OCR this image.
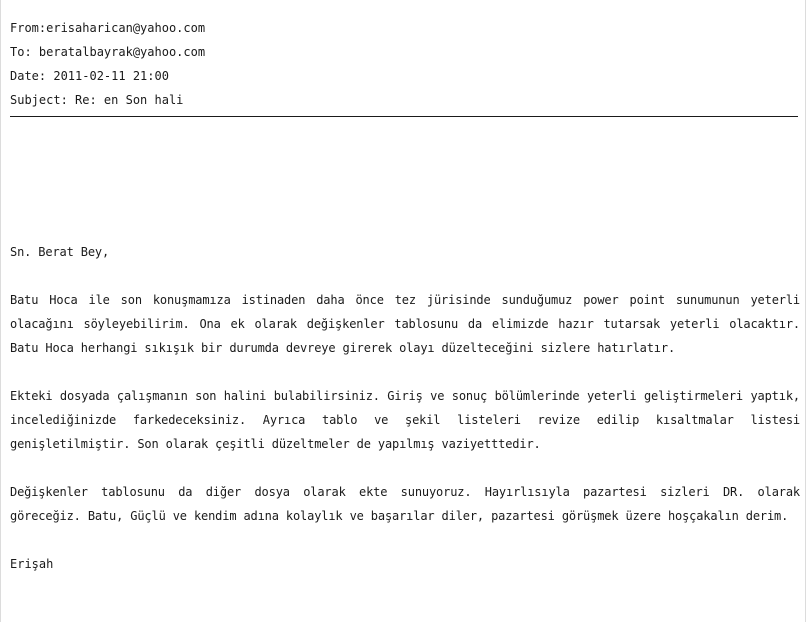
From:erisaharican@yahoo.com
To: beratalbayrak@yahoo.com
Date: 2011-02-11 21:00
Subject: Re: en Son hali

Sn. Berat Bey,

Batu Hoca ile son konuşmamıza istinaden daha önce tez jürisinde sunduğumuz power point sunumunun yeterli olacağını söyleyebilirim. Ona ek olarak değişkenler tablosunu da elimizde hazır tutarsak yeterli olacaktır. Batu Hoca herhangi sıkışık bir durumda devreye girerek olayı düzelteceğini sizlere hatırlatır.

Ekteki dosyada çalışmanın son halini bulabilirsiniz. Giriş ve sonuç bölümlerinde yeterli geliştirmeleri yaptık, incelediğinizde farkedeceksiniz. Ayrıca tablo ve şekil listeleri revize edilip kısaltmalar listesi genişletilmiştir. Son olarak çeşitli düzeltmeler de yapılmış vaziyetttedir.

Değişkenler tablosunu da diğer dosya olarak ekte sunuyoruz. Hayırlısıyla pazartesi sizleri DR. olarak göreceğiz. Batu, Güçlü ve kendim adına kolaylık ve başarılar diler, pazartesi görüşmek üzere hoşçakalın derim.

Erişah
